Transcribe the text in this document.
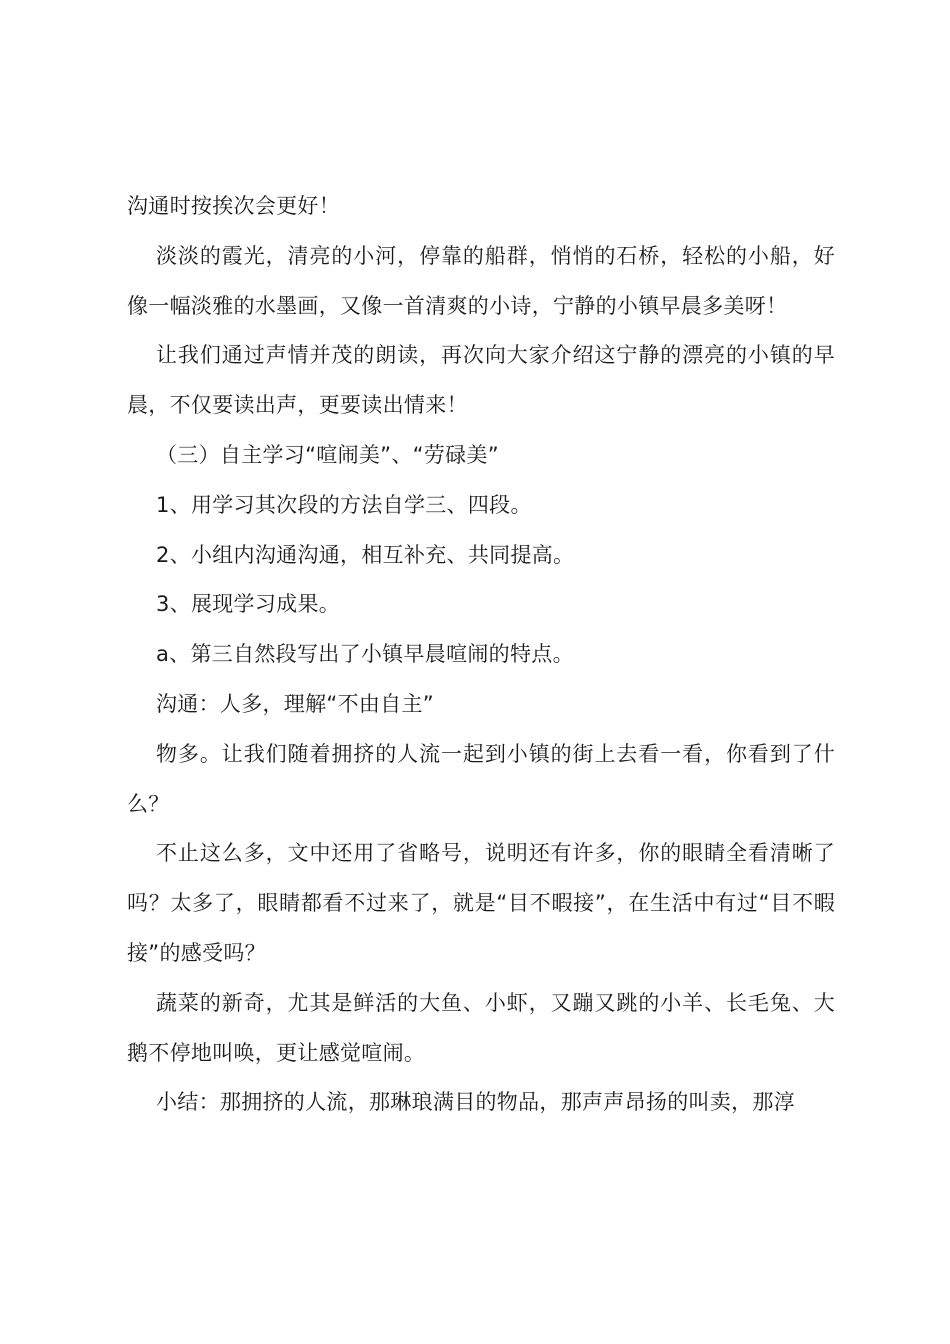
沟通时按挨次会更好！

淡淡的霞光，清亮的小河，停靠的船群，悄悄的石桥，轻松的小船，好像一幅淡雅的水墨画，又像一首清爽的小诗，宁静的小镇早晨多美呀！

让我们通过声情并茂的朗读，再次向大家介绍这宁静的漂亮的小镇的早晨，不仅要读出声，更要读出情来！

（三）自主学习“喧闹美”、“劳碌美”

1、用学习其次段的方法自学三、四段。

2、小组内沟通沟通，相互补充、共同提高。

3、展现学习成果。

a、第三自然段写出了小镇早晨喧闹的特点。

沟通：人多，理解“不由自主”

物多。让我们随着拥挤的人流一起到小镇的街上去看一看，你看到了什么？

不止这么多，文中还用了省略号，说明还有许多，你的眼睛全看清晰了吗？太多了，眼睛都看不过来了，就是“目不暇接”，在生活中有过“目不暇接”的感受吗？

蔬菜的新奇，尤其是鲜活的大鱼、小虾，又蹦又跳的小羊、长毛兔、大鹅不停地叫唤，更让感觉喧闹。

小结：那拥挤的人流，那琳琅满目的物品，那声声昂扬的叫卖，那淳
